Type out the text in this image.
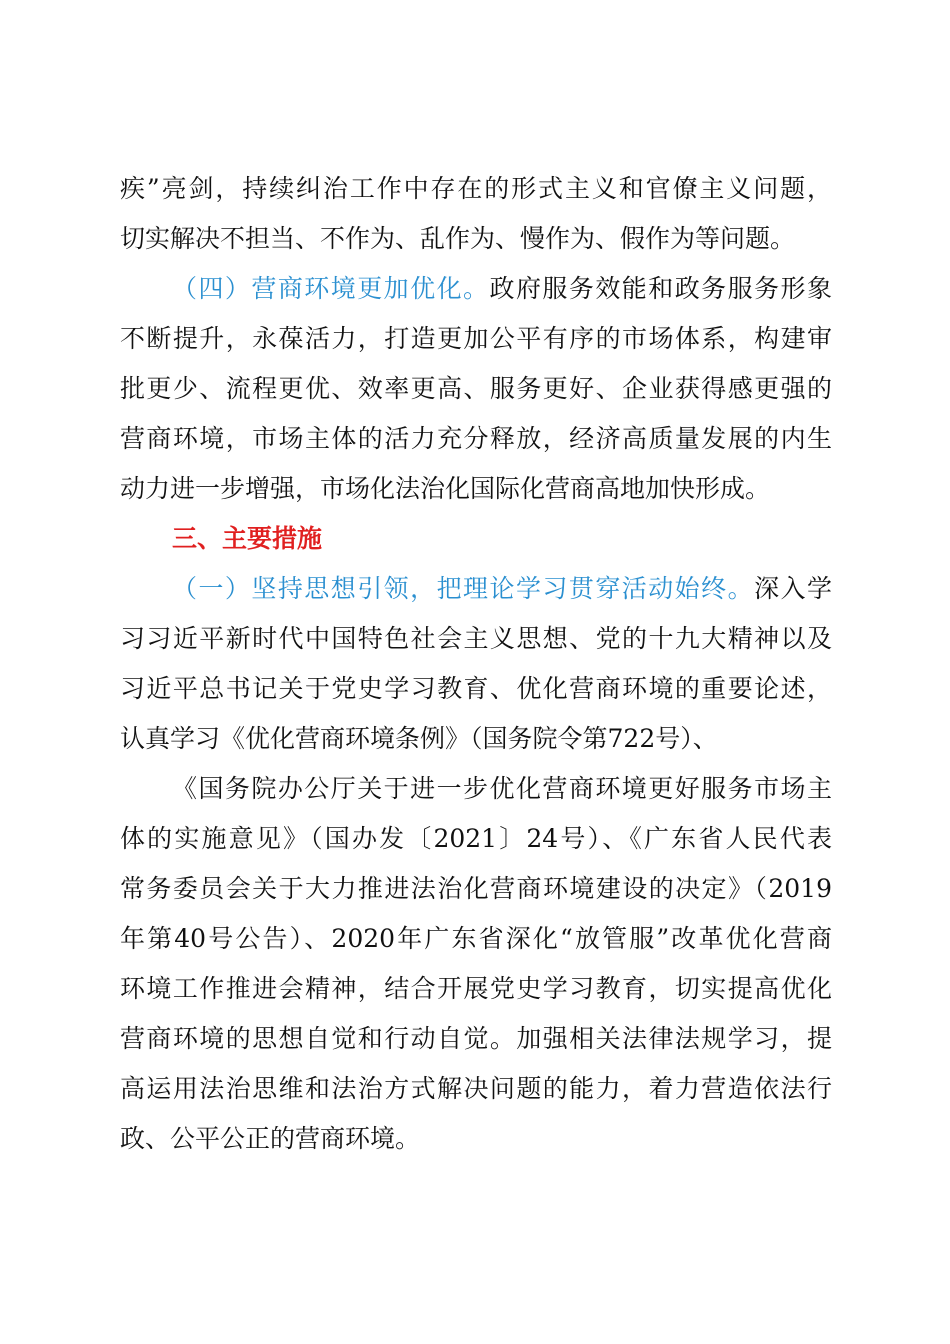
疾”亮剑，持续纠治工作中存在的形式主义和官僚主义问题，
切实解决不担当、不作为、乱作为、慢作为、假作为等问题。
（四）营商环境更加优化。政府服务效能和政务服务形象
不断提升，永葆活力，打造更加公平有序的市场体系，构建审
批更少、流程更优、效率更高、服务更好、企业获得感更强的
营商环境，市场主体的活力充分释放，经济高质量发展的内生
动力进一步增强，市场化法治化国际化营商高地加快形成。
三、主要措施
（一）坚持思想引领，把理论学习贯穿活动始终。深入学
习习近平新时代中国特色社会主义思想、党的十九大精神以及
习近平总书记关于党史学习教育、优化营商环境的重要论述，
认真学习《优化营商环境条例》（国务院令第722号）、
《国务院办公厅关于进一步优化营商环境更好服务市场主
体的实施意见》（国办发〔2021〕24号）、《广东省人民代表
常务委员会关于大力推进法治化营商环境建设的决定》（2019
年第40号公告）、2020年广东省深化“放管服”改革优化营商
环境工作推进会精神，结合开展党史学习教育，切实提高优化
营商环境的思想自觉和行动自觉。加强相关法律法规学习，提
高运用法治思维和法治方式解决问题的能力，着力营造依法行
政、公平公正的营商环境。
